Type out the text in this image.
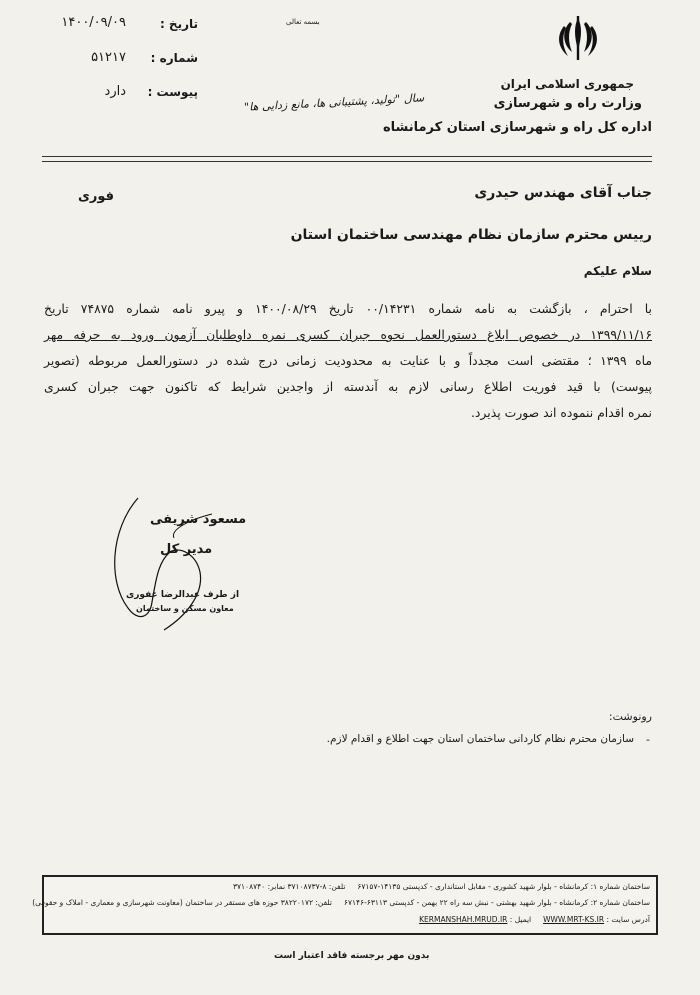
بسمه تعالی
جمهوری اسلامی ایران
وزارت راه و شهرسازی
اداره کل راه و شهرسازی استان کرمانشاه
سال "تولید، پشتیبانی ها، مانع زدایی ها"
تاریخ :
۱۴۰۰/۰۹/۰۹
شماره :
۵۱۲۱۷
پیوست :
دارد
جناب آقای مهندس حیدری
فوری
رییس محترم سازمان نظام مهندسی ساختمان استان
سلام علیکم
با احترام ، بازگشت به نامه شماره ۰۰/۱۴۲۳۱ تاریخ ۱۴۰۰/۰۸/۲۹ و پیرو نامه شماره ۷۴۸۷۵ تاریخ
۱۳۹۹/۱۱/۱۶ در خصوص ابلاغ دستورالعمل نحوه جبران کسری نمره داوطلبان آزمون ورود به حرفه مهر
ماه ۱۳۹۹ ؛ مقتضی است مجدداً و با عنایت به محدودیت زمانی درج شده در دستورالعمل مربوطه (تصویر
پیوست) با قید فوریت اطلاع رسانی لازم به آندسته از واجدین شرایط که تاکنون جهت جبران کسری
نمره اقدام ننموده اند صورت پذیرد.
مسعود شریفی
مدیر کل
از طرف عبدالرضا غفوری
معاون مسکن و ساختمان
رونوشت:
-
سازمان محترم نظام کاردانی ساختمان استان جهت اطلاع و اقدام لازم.
ساختمان شماره ۱: کرمانشاه - بلوار شهید کشوری - مقابل استانداری - کدپستی ۱۴۱۳۵-۶۷۱۵۷     تلفن: ۸-۳۷۱۰۸۷۳۷ نمابر: ۳۷۱۰۸۷۴۰
ساختمان شماره ۲: کرمانشاه - بلوار شهید بهشتی - نبش سه راه ۲۲ بهمن - کدپستی ۶۳۱۱۳-۶۷۱۴۶     تلفن: ۳۸۲۲۰۱۷۲ حوزه های مستقر در ساختمان (معاونت شهرسازی و معماری - املاک و حقوقی)
آدرس سایت : WWW.MRT-KS.IR     ایمیل : KERMANSHAH.MRUD.IR
بدون مهر برجسته فاقد اعتبار است
